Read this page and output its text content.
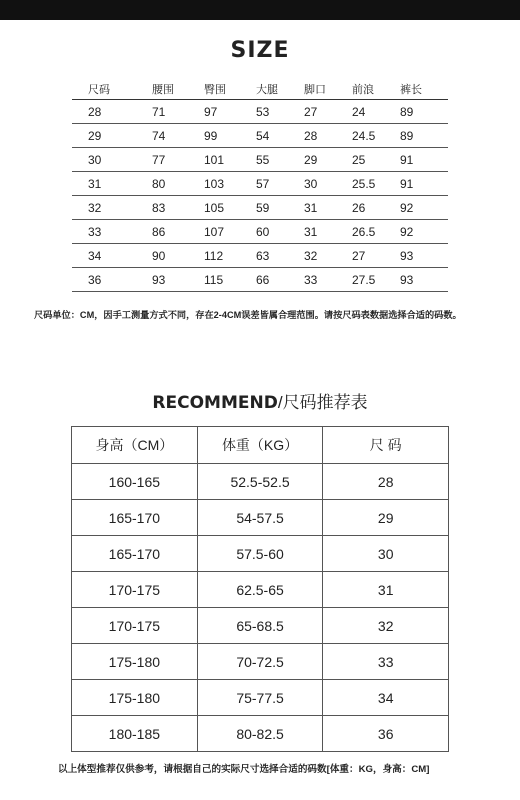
SIZE
尺码	腰围	臀围	大腿 脚口 前浪 裤长
28	71	97	53	27	24	89
29	74	99	54	28	24.5 89
30	77	101	55	29	25	91
31	80	103	57	30	25.5 91
32	83	105	59	31	26	92
33	86	107	60	31	26.5 92
34	90	112	63	32	27	93
36	93	115	66	33	27.5 93
尺码单位：CM，因手工测量方式不同，存在2-4CM误差皆属合理范围。请按尺码表数据选择合适的码数。
RECOMMEND/尺码推荐表
身高（CM）	体重（KG）	尺 码
160-165	52.5-52.5	28
165-170	54-57.5	29
165-170	57.5-60	30
170-175	62.5-65	31
170-175	65-68.5	32
175-180	70-72.5	33
175-180	75-77.5	34
180-185	80-82.5	36
以上体型推荐仅供参考，请根据自己的实际尺寸选择合适的码数[体重：KG，身高：CM]
